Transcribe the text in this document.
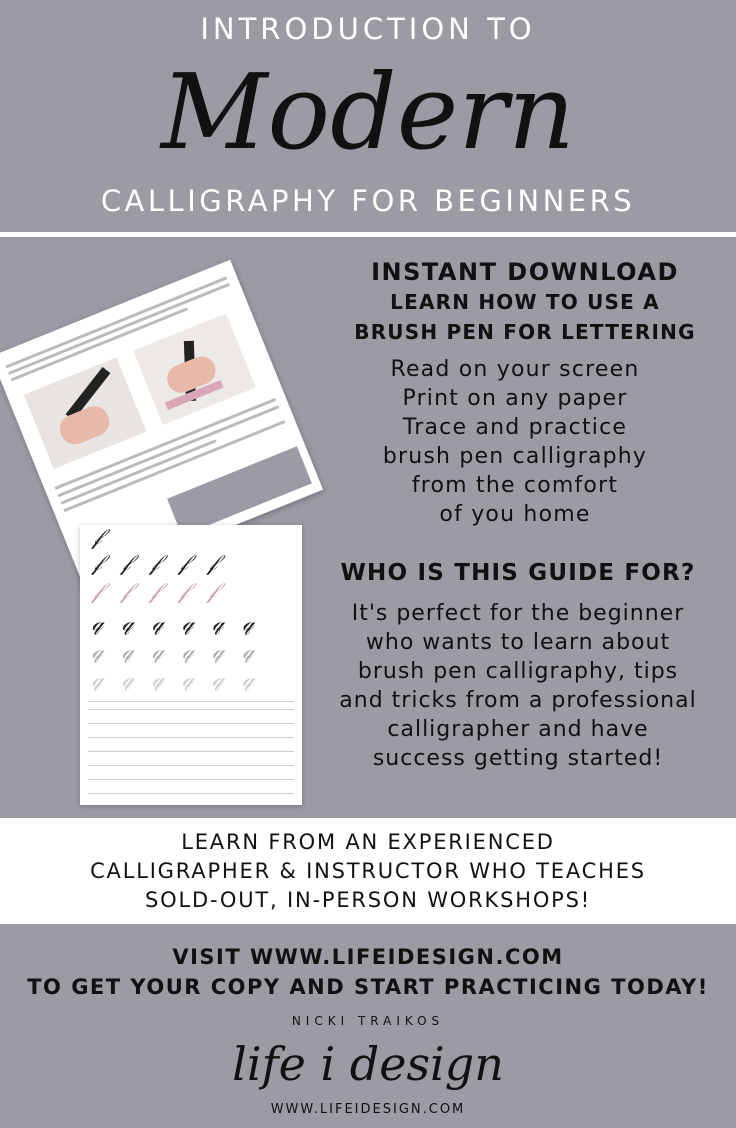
INTRODUCTION TO
Modern
CALLIGRAPHY FOR BEGINNERS
𝒻
𝒻 𝒻 𝒻 𝒻 𝒻
𝒻 𝒻 𝒻 𝒻 𝒻
𝓆 𝓆 𝓆 𝓆 𝓆 𝓆
𝓆 𝓆 𝓆 𝓆 𝓆 𝓆
𝓆 𝓆 𝓆 𝓆 𝓆 𝓆
INSTANT DOWNLOAD
LEARN HOW TO USE A
BRUSH PEN FOR LETTERING
Read on your screen
Print on any paper
Trace and practice
brush pen calligraphy
from the comfort
of you home
WHO IS THIS GUIDE FOR?
It's perfect for the beginner
who wants to learn about
brush pen calligraphy, tips
and tricks from a professional
calligrapher and have
success getting started!
LEARN FROM AN EXPERIENCED
CALLIGRAPHER & INSTRUCTOR WHO TEACHES
SOLD-OUT, IN-PERSON WORKSHOPS!
VISIT WWW.LIFEIDESIGN.COM
TO GET YOUR COPY AND START PRACTICING TODAY!
NICKI TRAIKOS
life i design
WWW.LIFEIDESIGN.COM
